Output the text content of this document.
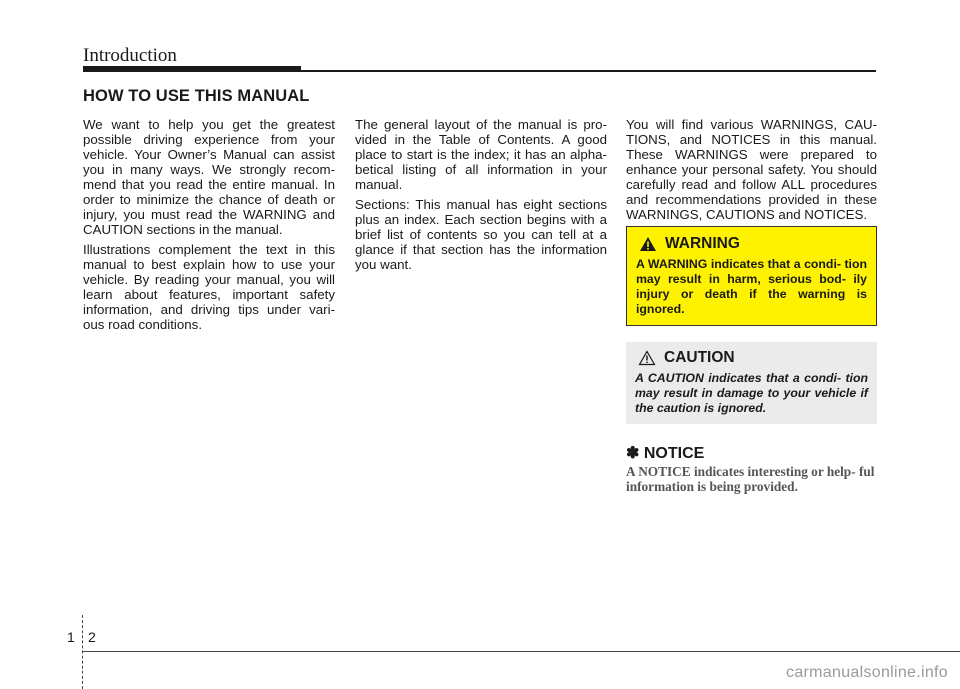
Introduction
HOW TO USE THIS MANUAL

We want to help you get the greatest possible driving experience from your vehicle. Your Owner’s Manual can assist you in many ways. We strongly recom- mend that you read the entire manual. In order to minimize the chance of death or injury, you must read the WARNING and CAUTION sections in the manual.

Illustrations complement the text in this manual to best explain how to use your vehicle. By reading your manual, you will learn about features, important safety information, and driving tips under vari- ous road conditions.

The general layout of the manual is pro- vided in the Table of Contents. A good place to start is the index; it has an alpha- betical listing of all information in your manual.

Sections: This manual has eight sections plus an index. Each section begins with a brief list of contents so you can tell at a glance if that section has the information you want.

You will find various WARNINGS, CAU- TIONS, and NOTICES in this manual. These WARNINGS were prepared to enhance your personal safety. You should carefully read and follow ALL procedures and recommendations provided in these WARNINGS, CAUTIONS and NOTICES.

WARNING
A WARNING indicates that a condi- tion may result in harm, serious bod- ily injury or death if the warning is ignored.
CAUTION
A CAUTION indicates that a condi- tion may result in damage to your vehicle if the caution is ignored.
✽ NOTICE
A NOTICE indicates interesting or help- ful information is being provided.
1 2
carmanualsonline.info
